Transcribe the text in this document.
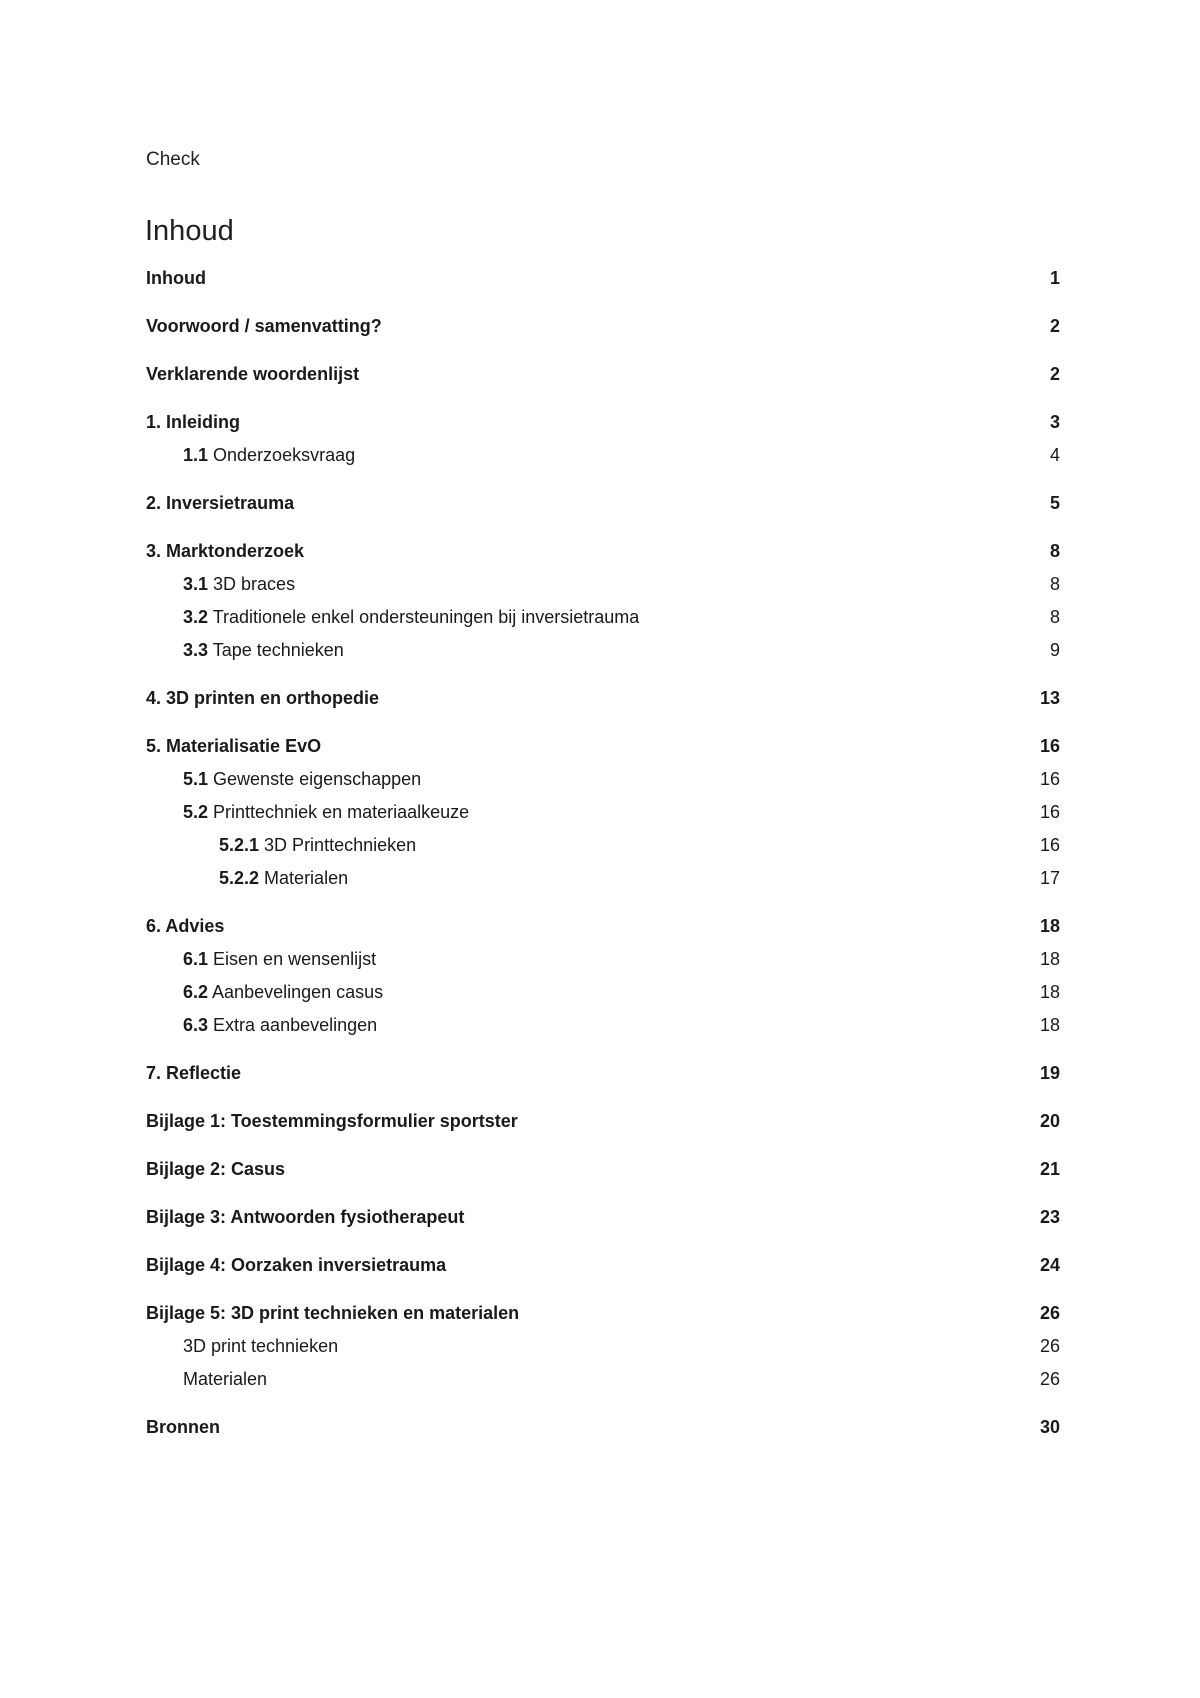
Check
Inhoud
Inhoud	1
Voorwoord / samenvatting?	2
Verklarende woordenlijst	2
1. Inleiding	3
1.1 Onderzoeksvraag	4
2. Inversietrauma	5
3. Marktonderzoek	8
3.1 3D braces	8
3.2 Traditionele enkel ondersteuningen bij inversietrauma	8
3.3 Tape technieken	9
4. 3D printen en orthopedie	13
5. Materialisatie EvO	16
5.1 Gewenste eigenschappen	16
5.2 Printtechniek en materiaalkeuze	16
5.2.1 3D Printtechnieken	16
5.2.2 Materialen	17
6. Advies	18
6.1 Eisen en wensenlijst	18
6.2 Aanbevelingen casus	18
6.3 Extra aanbevelingen	18
7. Reflectie	19
Bijlage 1: Toestemmingsformulier sportster	20
Bijlage 2: Casus	21
Bijlage 3: Antwoorden fysiotherapeut	23
Bijlage 4: Oorzaken inversietrauma	24
Bijlage 5: 3D print technieken en materialen	26
3D print technieken	26
Materialen	26
Bronnen	30
